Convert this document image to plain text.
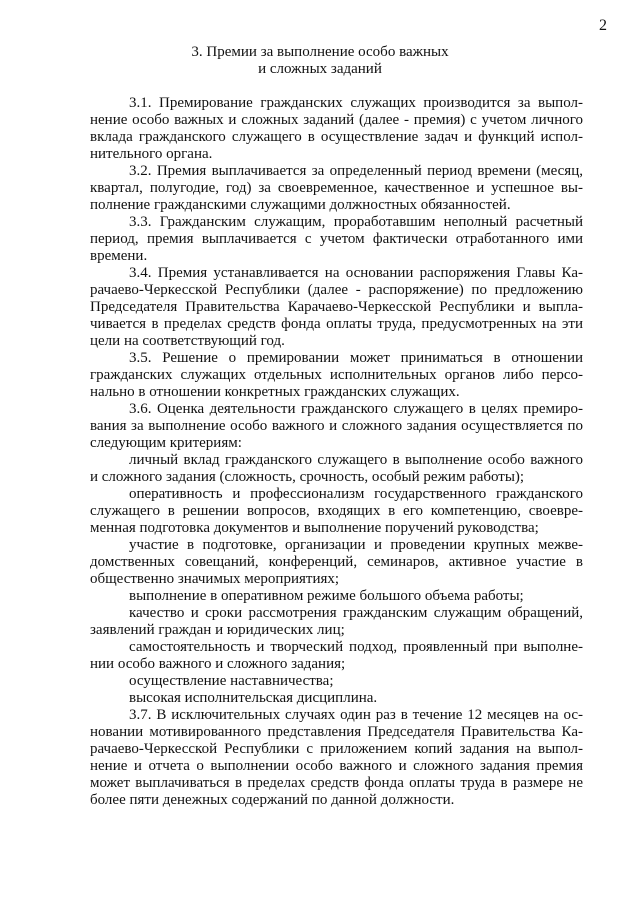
2
3. Премии за выполнение особо важных
и сложных заданий

3.1. Премирование гражданских служащих производится за выполнение особо важных и сложных заданий (далее - премия) с учетом личного вклада гражданского служащего в осуществление задач и функций исполнительного органа.

3.2. Премия выплачивается за определенный период времени (месяц, квартал, полугодие, год) за своевременное, качественное и успешное выполнение гражданскими служащими должностных обязанностей.

3.3. Гражданским служащим, проработавшим неполный расчетный период, премия выплачивается с учетом фактически отработанного ими времени.

3.4. Премия устанавливается на основании распоряжения Главы Карачаево-Черкесской Республики (далее - распоряжение) по предложению Председателя Правительства Карачаево-Черкесской Республики и выплачивается в пределах средств фонда оплаты труда, предусмотренных на эти цели на соответствующий год.

3.5. Решение о премировании может приниматься в отношении гражданских служащих отдельных исполнительных органов либо персонально в отношении конкретных гражданских служащих.

3.6. Оценка деятельности гражданского служащего в целях премирования за выполнение особо важного и сложного задания осуществляется по следующим критериям:

личный вклад гражданского служащего в выполнение особо важного и сложного задания (сложность, срочность, особый режим работы);

оперативность и профессионализм государственного гражданского служащего в решении вопросов, входящих в его компетенцию, своевременная подготовка документов и выполнение поручений руководства;

участие в подготовке, организации и проведении крупных межведомственных совещаний, конференций, семинаров, активное участие в общественно значимых мероприятиях;

выполнение в оперативном режиме большого объема работы;

качество и сроки рассмотрения гражданским служащим обращений, заявлений граждан и юридических лиц;

самостоятельность и творческий подход, проявленный при выполнении особо важного и сложного задания;

осуществление наставничества;

высокая исполнительская дисциплина.

3.7. В исключительных случаях один раз в течение 12 месяцев на основании мотивированного представления Председателя Правительства Карачаево-Черкесской Республики с приложением копий задания на выполнение и отчета о выполнении особо важного и сложного задания премия может выплачиваться в пределах средств фонда оплаты труда в размере не более пяти денежных содержаний по данной должности.
